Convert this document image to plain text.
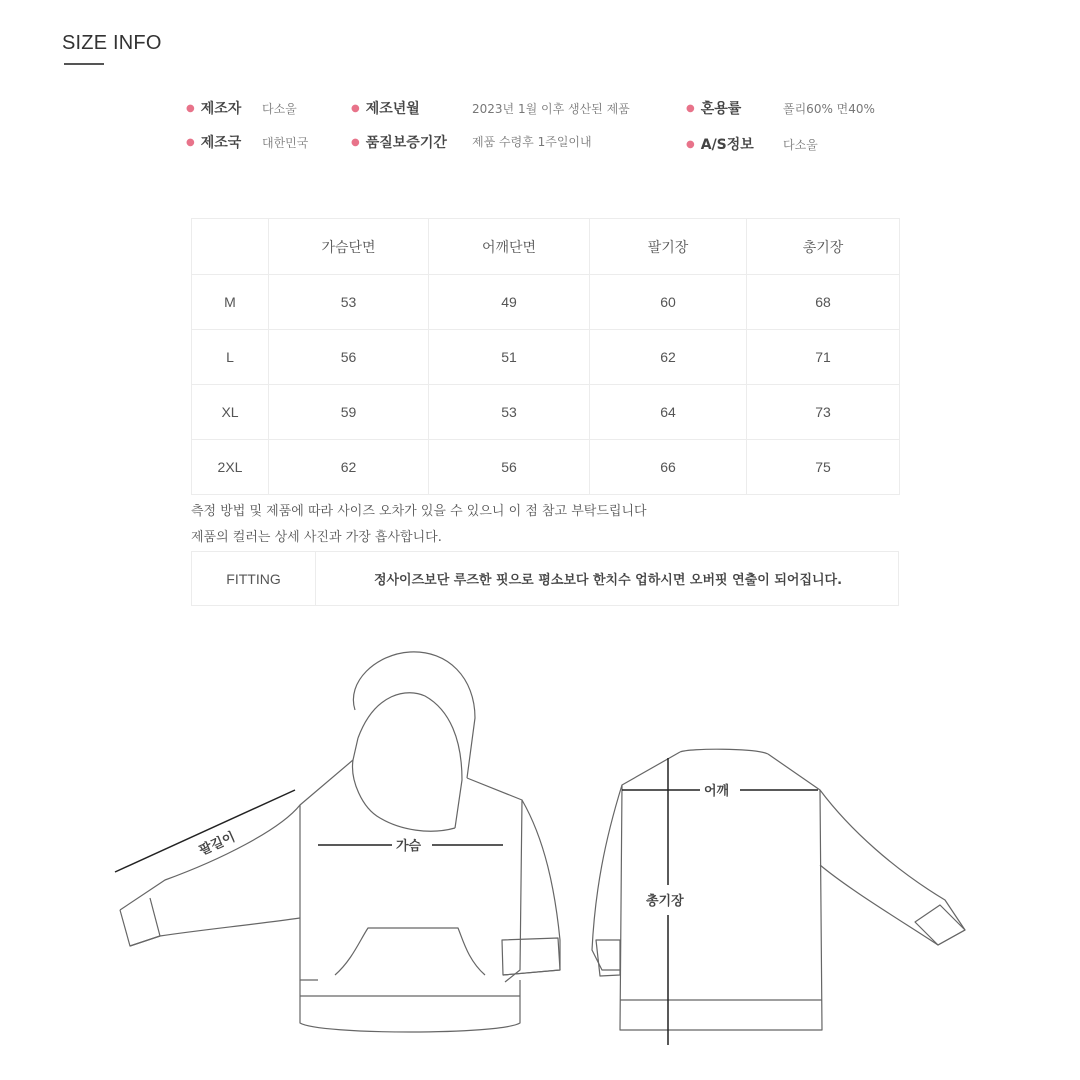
SIZE INFO
● 제조자 다소울	● 제조년월	2023년 1월 이후 생산된 제품	● 혼용률	폴리60% 면40%
● 제조국 대한민국	● 품질보증기간 제품 수령후 1주일이내	● A/S정보 다소울
	가슴단면	어깨단면	팔기장	총기장
M	53	49	60	68
L	56	51	62	71
XL	59	53	64	73
2XL	62	56	66	75
측정 방법 및 제품에 따라 사이즈 오차가 있을 수 있으니 이 점 참고 부탁드립니다
제품의 컬러는 상세 사진과 가장 흡사합니다.
FITTING	정사이즈보단 루즈한 핏으로 평소보다 한치수 업하시면 오버핏 연출이 되어집니다.
팔길이	가슴
어깨
총기장
